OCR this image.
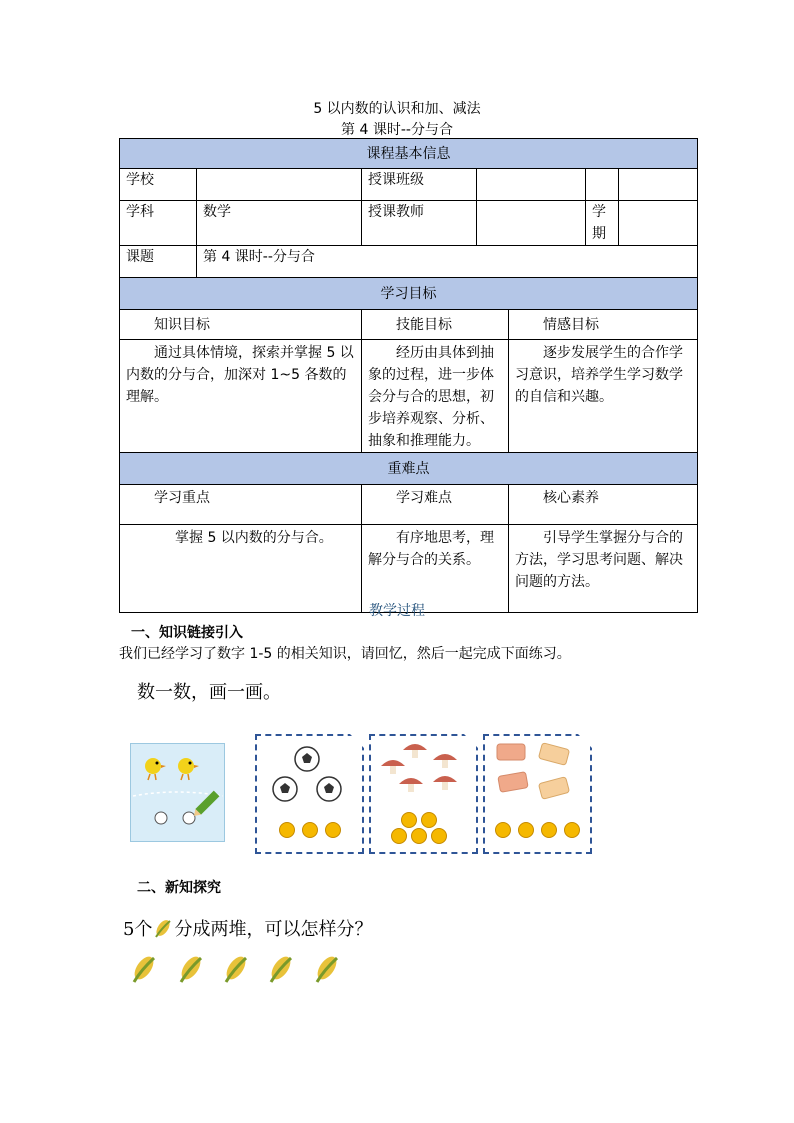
5 以内数的认识和加、减法
第 4 课时--分与合
课程基本信息						
学校		授课班级				
学科	数学	授课教师			学期	
课题	第 4 课时--分与合					
学习目标						
知识目标		技能目标		情感目标		
通过具体情境，探索并掌握 5 以内数的分与合，加深对 1~5 各数的理解。		经历由具体到抽象的过程，进一步体会分与合的思想，初步培养观察、分析、抽象和推理能力。		逐步发展学生的合作学习意识，培养学生学习数学的自信和兴趣。		
重难点						
学习重点		学习难点		核心素养		
掌握 5 以内数的分与合。		有序地思考，理解分与合的关系。		引导学生掌握分与合的方法，学习思考问题、解决问题的方法。		
教学过程
一、知识链接引入
我们已经学习了数字 1-5 的相关知识，请回忆，然后一起完成下面练习。
数一数，画一画。
二、新知探究
5个 分成两堆，可以怎样分？
